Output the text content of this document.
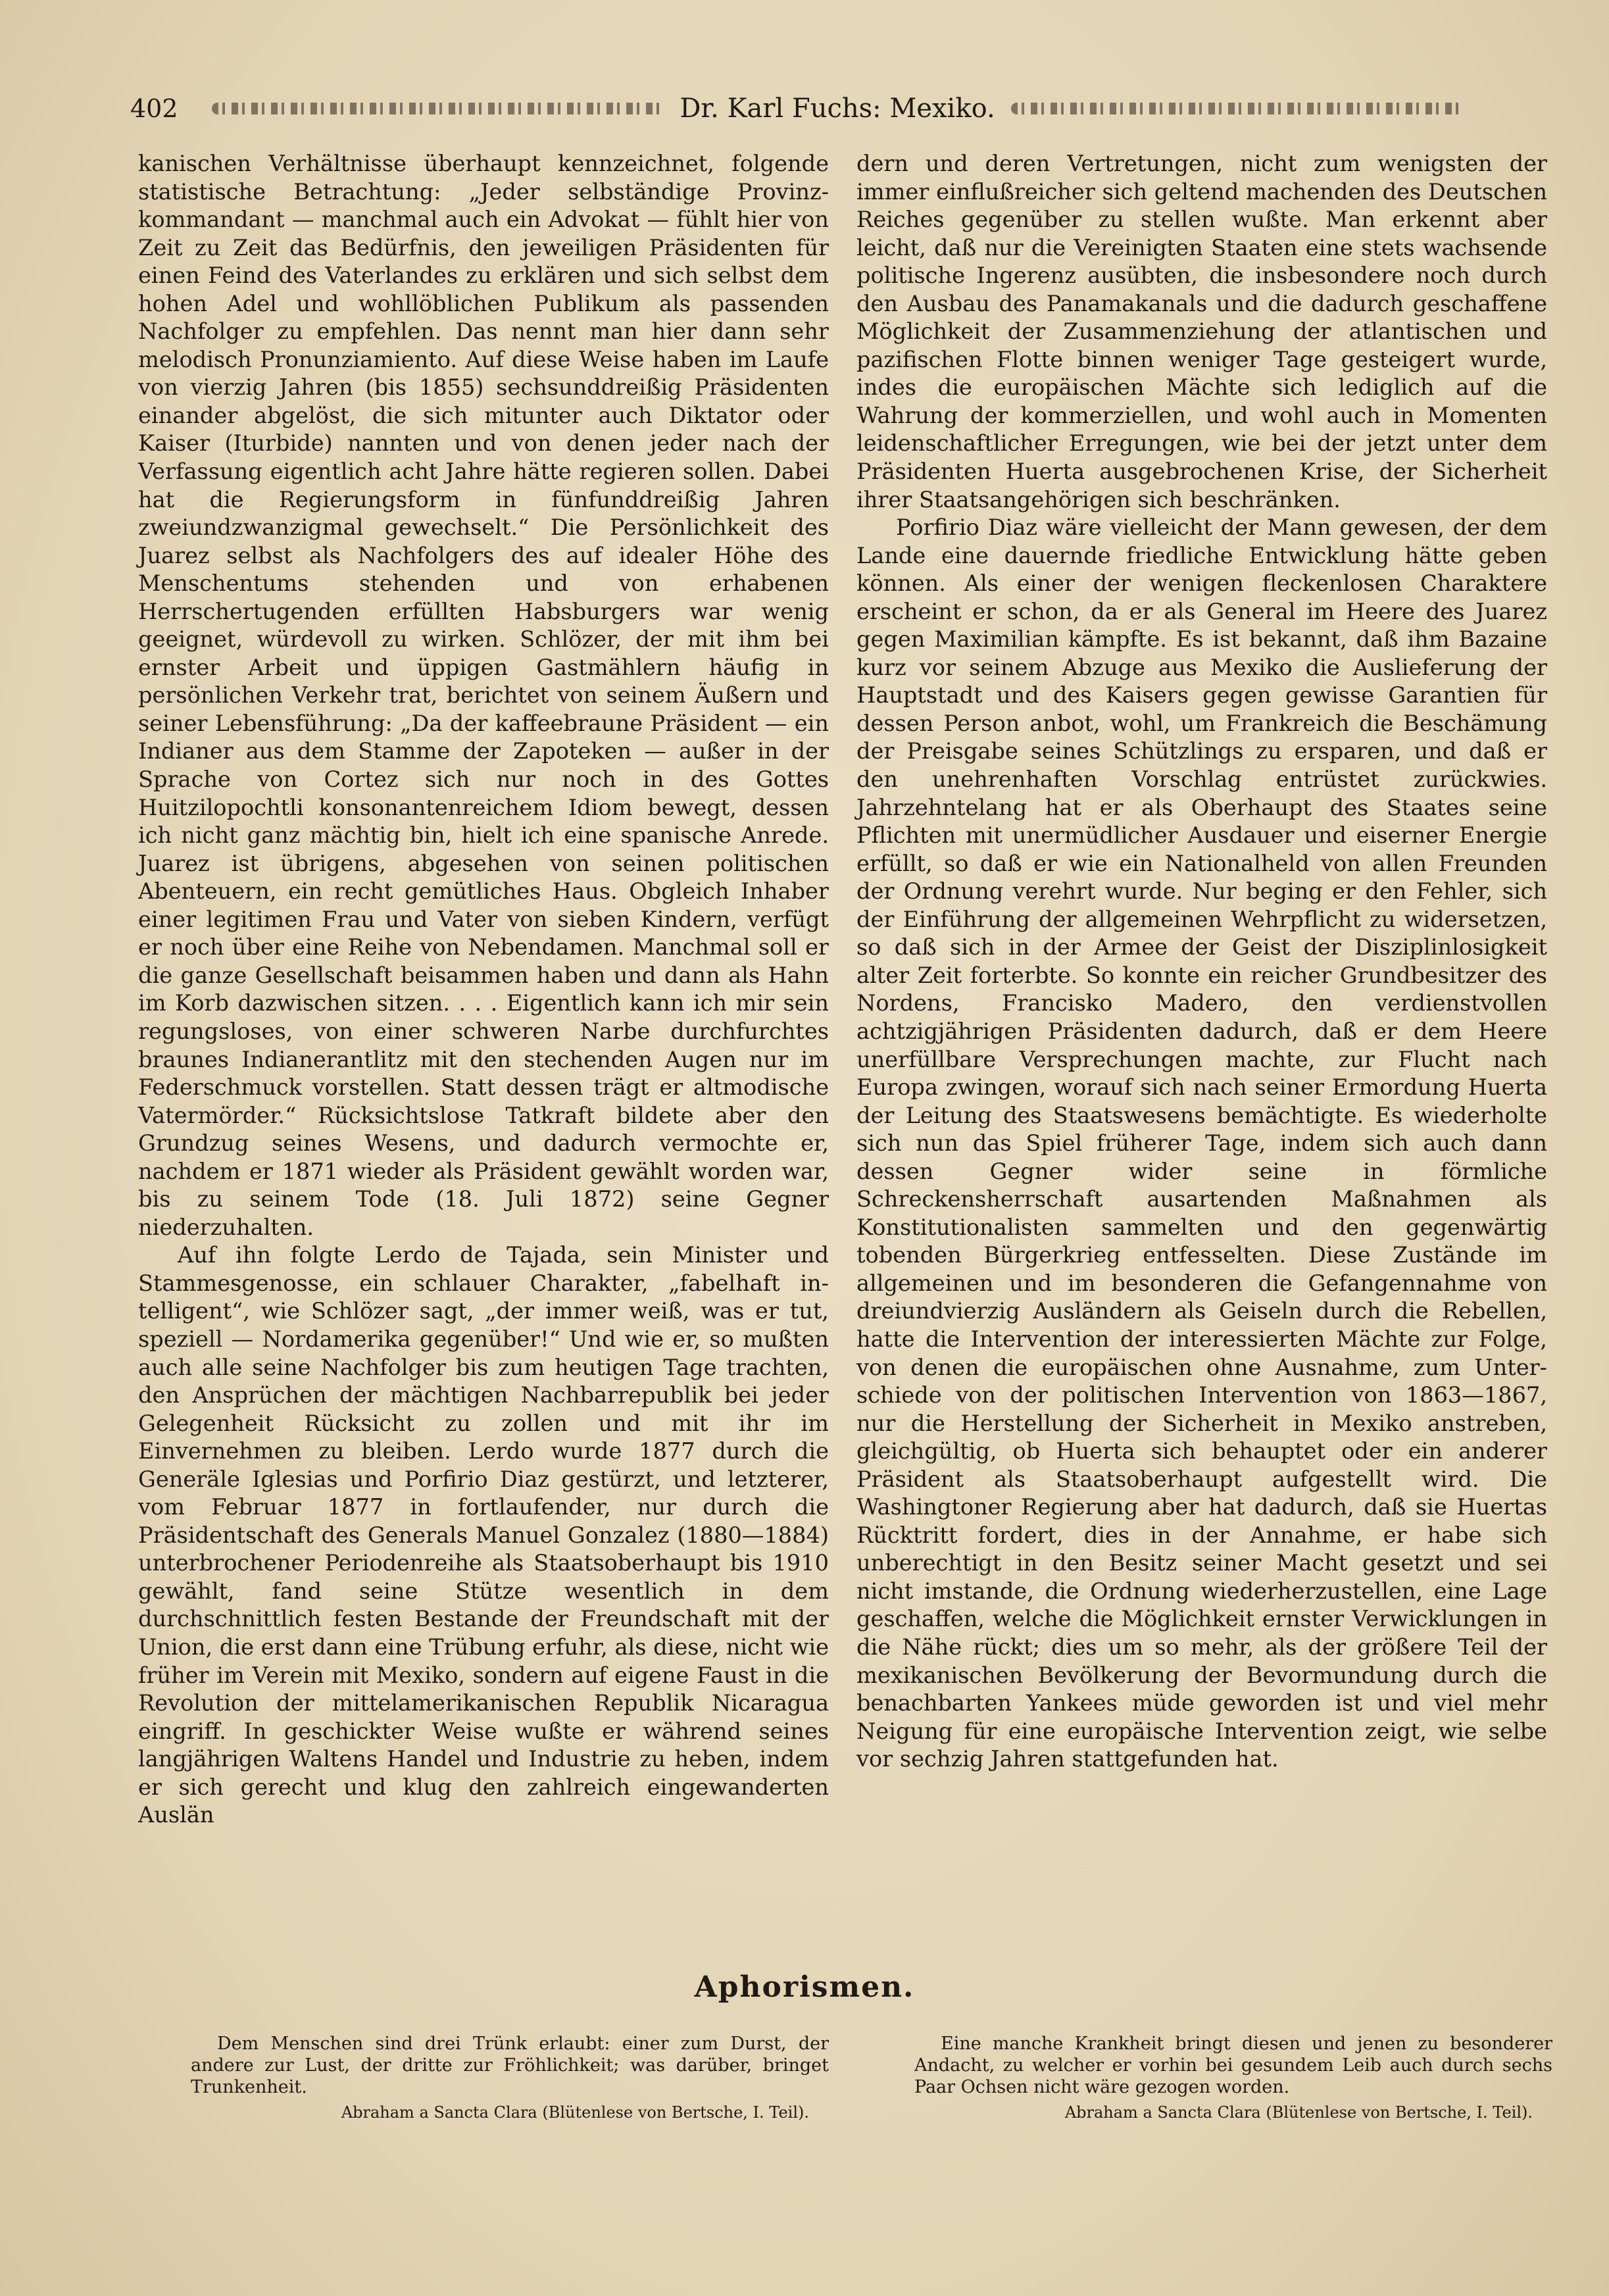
402	Dr. Karl Fuchs: Mexiko.

kanischen Verhältnisse überhaupt kennzeichnet, folgende statistische Betrachtung: „Jeder selbständige Provinzkommandant — manchmal auch ein Advokat — fühlt hier von Zeit zu Zeit das Bedürfnis, den jeweiligen Präsidenten für einen Feind des Vaterlandes zu erklären und sich selbst dem hohen Adel und wohllöblichen Publikum als passenden Nachfolger zu empfehlen. Das nennt man hier dann sehr melodisch Pronunziamiento. Auf diese Weise haben im Laufe von vierzig Jahren (bis 1855) sechsunddreißig Präsidenten einander abgelöst, die sich mitunter auch Diktator oder Kaiser (Iturbide) nannten und von denen jeder nach der Verfassung eigentlich acht Jahre hätte regieren sollen. Dabei hat die Regierungsform in fünfunddreißig Jahren zweiundzwanzigmal gewechselt.“ Die Persönlichkeit des Juarez selbst als Nachfolgers des auf idealer Höhe des Menschentums stehenden und von erhabenen Herrschertugenden erfüllten Habsburgers war wenig geeignet, würdevoll zu wirken. Schlözer, der mit ihm bei ernster Arbeit und üppigen Gastmählern häufig in persönlichen Verkehr trat, berichtet von seinem Äußern und seiner Lebensführung: „Da der kaffeebraune Präsident — ein Indianer aus dem Stamme der Zapoteken — außer in der Sprache von Cortez sich nur noch in des Gottes Huitzilopochtli konsonantenreichem Idiom bewegt, dessen ich nicht ganz mächtig bin, hielt ich eine spanische Anrede. Juarez ist übrigens, abgesehen von seinen politischen Abenteuern, ein recht gemütliches Haus. Obgleich Inhaber einer legitimen Frau und Vater von sieben Kindern, verfügt er noch über eine Reihe von Nebendamen. Manchmal soll er die ganze Gesellschaft beisammen haben und dann als Hahn im Korb dazwischen sitzen. . . . Eigentlich kann ich mir sein regungsloses, von einer schweren Narbe durchfurchtes braunes Indianerantlitz mit den stechenden Augen nur im Federschmuck vorstellen. Statt dessen trägt er altmodische Vatermörder.“ Rücksichtslose Tatkraft bildete aber den Grundzug seines Wesens, und dadurch vermochte er, nachdem er 1871 wieder als Präsident gewählt worden war, bis zu seinem Tode (18. Juli 1872) seine Gegner niederzuhalten.

Auf ihn folgte Lerdo de Tajada, sein Minister und Stammesgenosse, ein schlauer Charakter, „fabelhaft intelligent“, wie Schlözer sagt, „der immer weiß, was er tut, speziell — Nordamerika gegenüber!“ Und wie er, so mußten auch alle seine Nachfolger bis zum heutigen Tage trachten, den Ansprüchen der mächtigen Nachbarrepublik bei jeder Gelegenheit Rücksicht zu zollen und mit ihr im Einvernehmen zu bleiben. Lerdo wurde 1877 durch die Generäle Iglesias und Porfirio Diaz gestürzt, und letzterer, vom Februar 1877 in fortlaufender, nur durch die Präsidentschaft des Generals Manuel Gonzalez (1880—1884) unterbrochener Periodenreihe als Staatsoberhaupt bis 1910 gewählt, fand seine Stütze wesentlich in dem durchschnittlich festen Bestande der Freundschaft mit der Union, die erst dann eine Trübung erfuhr, als diese, nicht wie früher im Verein mit Mexiko, sondern auf eigene Faust in die Revolution der mittelamerikanischen Republik Nicaragua eingriff. In geschickter Weise wußte er während seines langjährigen Waltens Handel und Industrie zu heben, indem er sich gerecht und klug den zahlreich eingewanderten Auslän

dern und deren Vertretungen, nicht zum wenigsten der immer einflußreicher sich geltend machenden des Deutschen Reiches gegenüber zu stellen wußte. Man erkennt aber leicht, daß nur die Vereinigten Staaten eine stets wachsende politische Ingerenz ausübten, die insbesondere noch durch den Ausbau des Panamakanals und die dadurch geschaffene Möglichkeit der Zusammenziehung der atlantischen und pazifischen Flotte binnen weniger Tage gesteigert wurde, indes die europäischen Mächte sich lediglich auf die Wahrung der kommerziellen, und wohl auch in Momenten leidenschaftlicher Erregungen, wie bei der jetzt unter dem Präsidenten Huerta ausgebrochenen Krise, der Sicherheit ihrer Staatsangehörigen sich beschränken.

Porfirio Diaz wäre vielleicht der Mann gewesen, der dem Lande eine dauernde friedliche Entwicklung hätte geben können. Als einer der wenigen fleckenlosen Charaktere erscheint er schon, da er als General im Heere des Juarez gegen Maximilian kämpfte. Es ist bekannt, daß ihm Bazaine kurz vor seinem Abzuge aus Mexiko die Auslieferung der Hauptstadt und des Kaisers gegen gewisse Garantien für dessen Person anbot, wohl, um Frankreich die Beschämung der Preisgabe seines Schützlings zu ersparen, und daß er den unehrenhaften Vorschlag entrüstet zurückwies. Jahrzehntelang hat er als Oberhaupt des Staates seine Pflichten mit unermüdlicher Ausdauer und eiserner Energie erfüllt, so daß er wie ein Nationalheld von allen Freunden der Ordnung verehrt wurde. Nur beging er den Fehler, sich der Einführung der allgemeinen Wehrpflicht zu widersetzen, so daß sich in der Armee der Geist der Disziplinlosigkeit alter Zeit forterbte. So konnte ein reicher Grundbesitzer des Nordens, Francisko Madero, den verdienstvollen achtzigjährigen Präsidenten dadurch, daß er dem Heere unerfüllbare Versprechungen machte, zur Flucht nach Europa zwingen, worauf sich nach seiner Ermordung Huerta der Leitung des Staatswesens bemächtigte. Es wiederholte sich nun das Spiel früherer Tage, indem sich auch dann dessen Gegner wider seine in förmliche Schreckensherrschaft ausartenden Maßnahmen als Konstitutionalisten sammelten und den gegenwärtig tobenden Bürgerkrieg entfesselten. Diese Zustände im allgemeinen und im besonderen die Gefangennahme von dreiundvierzig Ausländern als Geiseln durch die Rebellen, hatte die Intervention der interessierten Mächte zur Folge, von denen die europäischen ohne Ausnahme, zum Unterschiede von der politischen Intervention von 1863—1867, nur die Herstellung der Sicherheit in Mexiko anstreben, gleichgültig, ob Huerta sich behauptet oder ein anderer Präsident als Staatsoberhaupt aufgestellt wird. Die Washingtoner Regierung aber hat dadurch, daß sie Huertas Rücktritt fordert, dies in der Annahme, er habe sich unberechtigt in den Besitz seiner Macht gesetzt und sei nicht imstande, die Ordnung wiederherzustellen, eine Lage geschaffen, welche die Möglichkeit ernster Verwicklungen in die Nähe rückt; dies um so mehr, als der größere Teil der mexikanischen Bevölkerung der Bevormundung durch die benachbarten Yankees müde geworden ist und viel mehr Neigung für eine europäische Intervention zeigt, wie selbe vor sechzig Jahren stattgefunden hat.

Aphorismen.
Dem Menschen sind drei Trünk erlaubt: einer zum Durst, der andere zur Lust, der dritte zur Fröhlichkeit; was darüber, bringet Trunkenheit.
Abraham a Sancta Clara (Blütenlese von Bertsche, I. Teil).
Eine manche Krankheit bringt diesen und jenen zu besonderer Andacht, zu welcher er vorhin bei gesundem Leib auch durch sechs Paar Ochsen nicht wäre gezogen worden.
Abraham a Sancta Clara (Blütenlese von Bertsche, I. Teil).
